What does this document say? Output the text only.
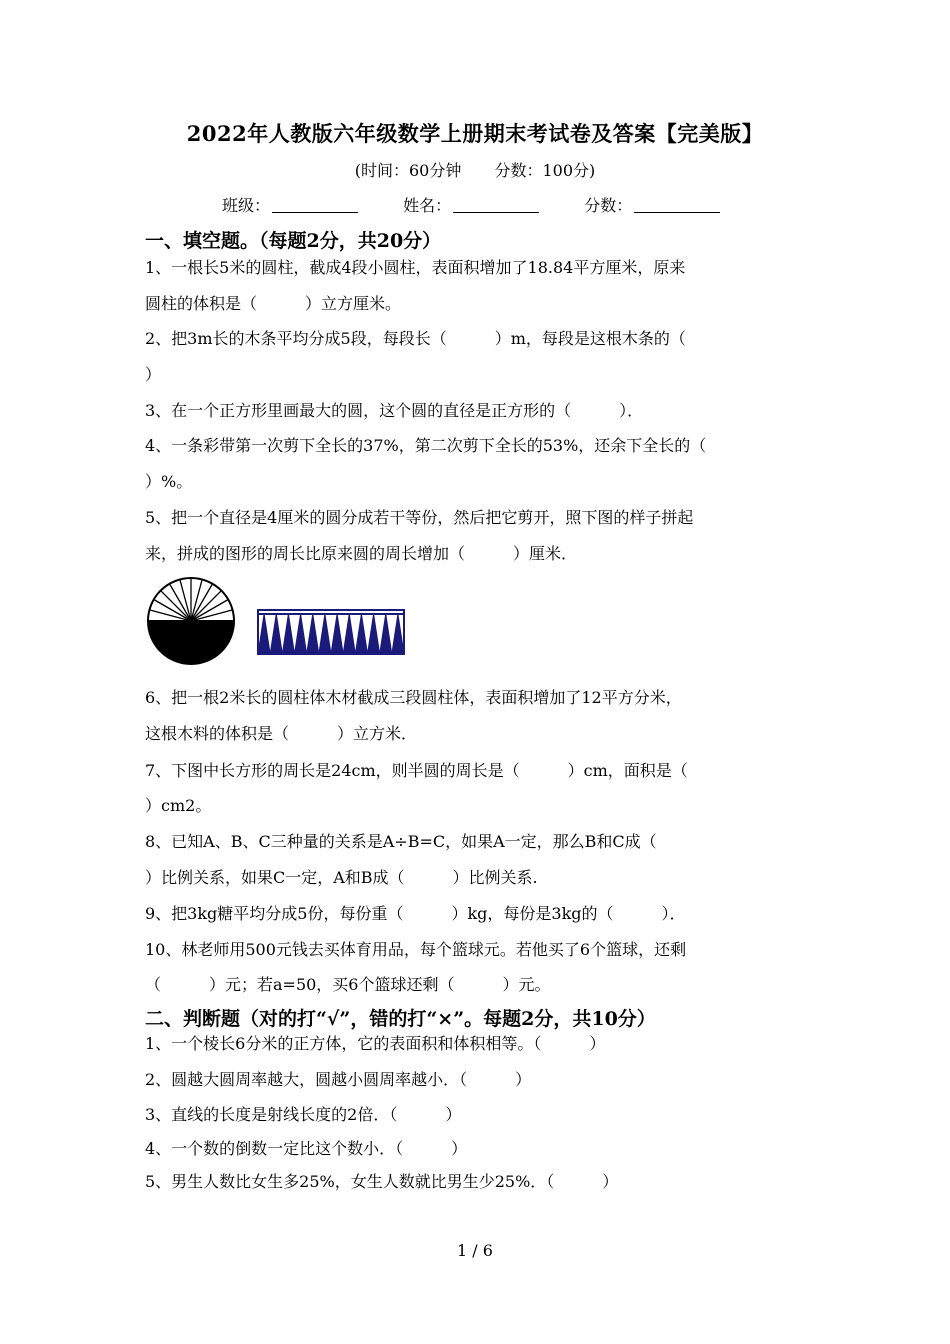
2022年人教版六年级数学上册期末考试卷及答案【完美版】
(时间：60分钟 分数：100分)
班级：	姓名：	分数：
一、填空题。（每题2分，共20分）
1、一根长5米的圆柱，截成4段小圆柱，表面积增加了18.84平方厘米，原来
圆柱的体积是（　　　）立方厘米。
2、把3m长的木条平均分成5段，每段长（　　　）m，每段是这根木条的（
）
3、在一个正方形里画最大的圆，这个圆的直径是正方形的（　　　）．
4、一条彩带第一次剪下全长的37%，第二次剪下全长的53%，还余下全长的（
）%。
5、把一个直径是4厘米的圆分成若干等份，然后把它剪开，照下图的样子拼起
来，拼成的图形的周长比原来圆的周长增加（　　　）厘米．
6、把一根2米长的圆柱体木材截成三段圆柱体，表面积增加了12平方分米，
这根木料的体积是（　　　）立方米．
7、下图中长方形的周长是24cm，则半圆的周长是（　　　）cm，面积是（
）cm2。
8、已知A、B、C三种量的关系是A÷B=C，如果A一定，那么B和C成（
）比例关系，如果C一定，A和B成（　　　）比例关系.
9、把3kg糖平均分成5份，每份重（　　　）kg，每份是3kg的（　　　）．
10、林老师用500元钱去买体育用品，每个篮球元。若他买了6个篮球，还剩
（　　　）元；若a=50，买6个篮球还剩（　　　）元。
二、判断题（对的打“√”，错的打“×”。每题2分，共10分）
1、一个棱长6分米的正方体，它的表面积和体积相等。（　　　）
2、圆越大圆周率越大，圆越小圆周率越小．（　　　）
3、直线的长度是射线长度的2倍．（　　　）
4、一个数的倒数一定比这个数小．（　　　）
5、男生人数比女生多25%，女生人数就比男生少25%．（　　　）
1 / 6
